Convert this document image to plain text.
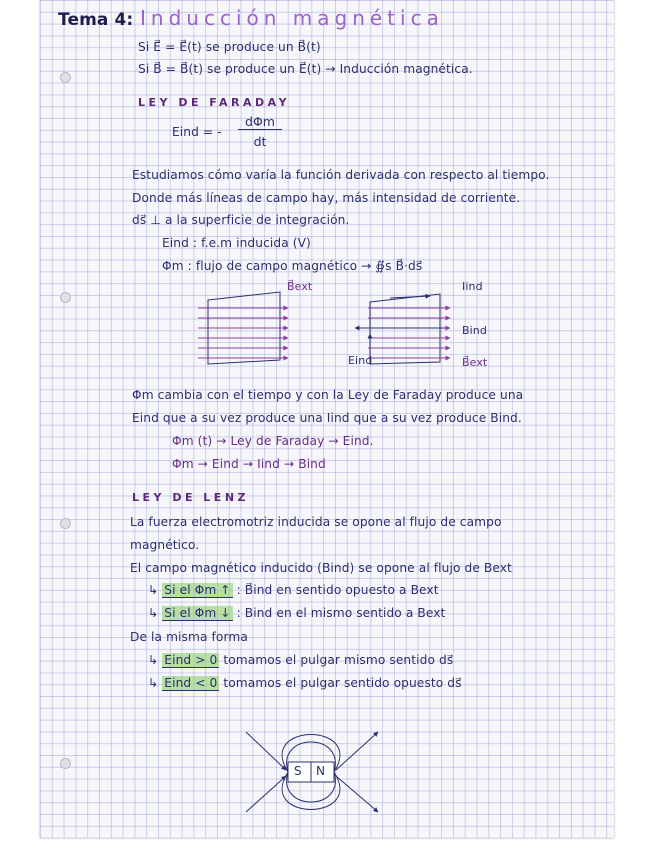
Tema 4: Inducción magnética
Si E⃗ = E⃗(t) se produce un B⃗(t)
Si B⃗ = B⃗(t) se produce un E⃗(t) → Inducción magnética.
LEY DE FARADAY
Eind = -
dΦm
dt
Estudiamos cómo varía la función derivada con respecto al tiempo.
Donde más líneas de campo hay, más intensidad de corriente.
ds⃗ ⊥ a la superficie de integración.
Eind : f.e.m inducida (V)
Φm : flujo de campo magnético → ∯s B⃗·ds⃗
B⃗ext	Iind
Bind
Eind	B⃗ext
Φm cambia con el tiempo y con la Ley de Faraday produce una
Eind que a su vez produce una Iind que a su vez produce Bind.
Φm (t) → Ley de Faraday → Eind.
Φm → Eind → Iind → Bind
LEY DE LENZ
La fuerza electromotriz inducida se opone al flujo de campo
magnético.
El campo magnético inducido (Bind) se opone al flujo de Bext
↳ Si el Φm ↑ : B⃗ind en sentido opuesto a Bext
↳ Si el Φm ↓ : Bind en el mismo sentido a Bext
De la misma forma
↳ Eind > 0 tomamos el pulgar mismo sentido ds⃗
↳ Eind < 0 tomamos el pulgar sentido opuesto ds⃗
S N
